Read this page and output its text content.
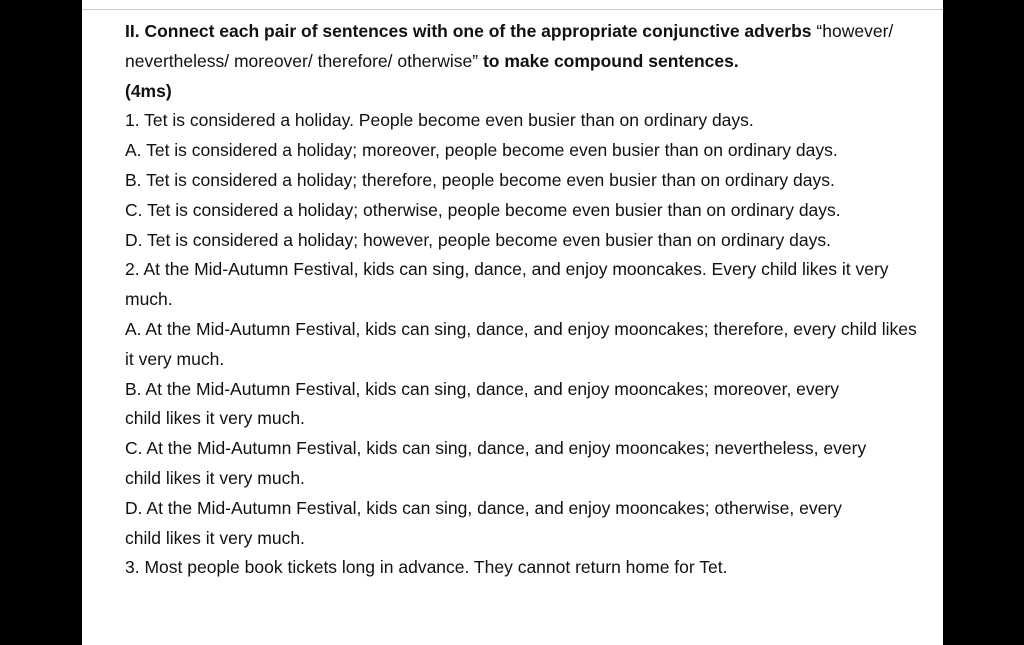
II. Connect each pair of sentences with one of the appropriate conjunctive adverbs “however/ nevertheless/ moreover/ therefore/ otherwise” to make compound sentences.

(4ms)

1. Tet is considered a holiday. People become even busier than on ordinary days.

A. Tet is considered a holiday; moreover, people become even busier than on ordinary days.

B. Tet is considered a holiday; therefore, people become even busier than on ordinary days.

C. Tet is considered a holiday; otherwise, people become even busier than on ordinary days.

D. Tet is considered a holiday; however, people become even busier than on ordinary days.

2. At the Mid-Autumn Festival, kids can sing, dance, and enjoy mooncakes. Every child likes it very much.

A. At the Mid-Autumn Festival, kids can sing, dance, and enjoy mooncakes; therefore, every child likes it very much.

B. At the Mid-Autumn Festival, kids can sing, dance, and enjoy mooncakes; moreover, every child likes it very much.

C. At the Mid-Autumn Festival, kids can sing, dance, and enjoy mooncakes; nevertheless, every child likes it very much.

D. At the Mid-Autumn Festival, kids can sing, dance, and enjoy mooncakes; otherwise, every child likes it very much.

3. Most people book tickets long in advance. They cannot return home for Tet.
